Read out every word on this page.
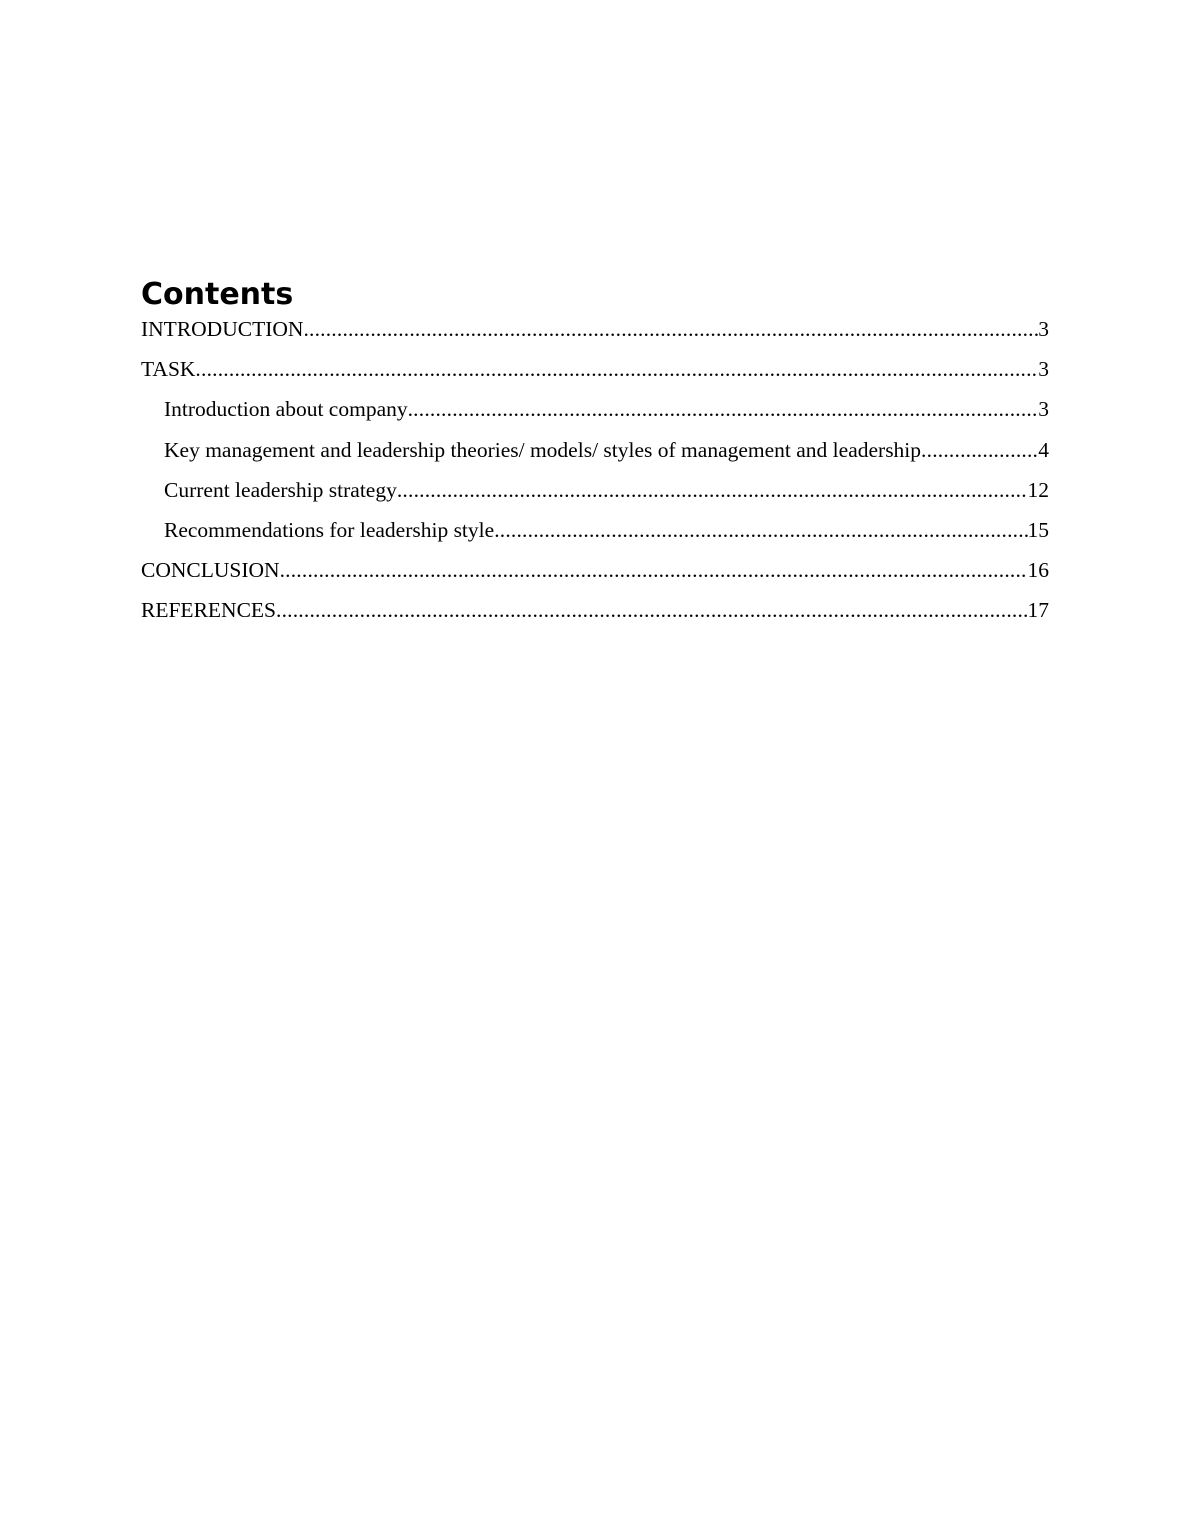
Contents
INTRODUCTION .....	3
TASK .....	3
Introduction about company .....	3
Key management and leadership theories/ models/ styles of management and leadership .....	4
Current leadership strategy .....	12
Recommendations for leadership style .....	15
CONCLUSION .....	16
REFERENCES .....	17
